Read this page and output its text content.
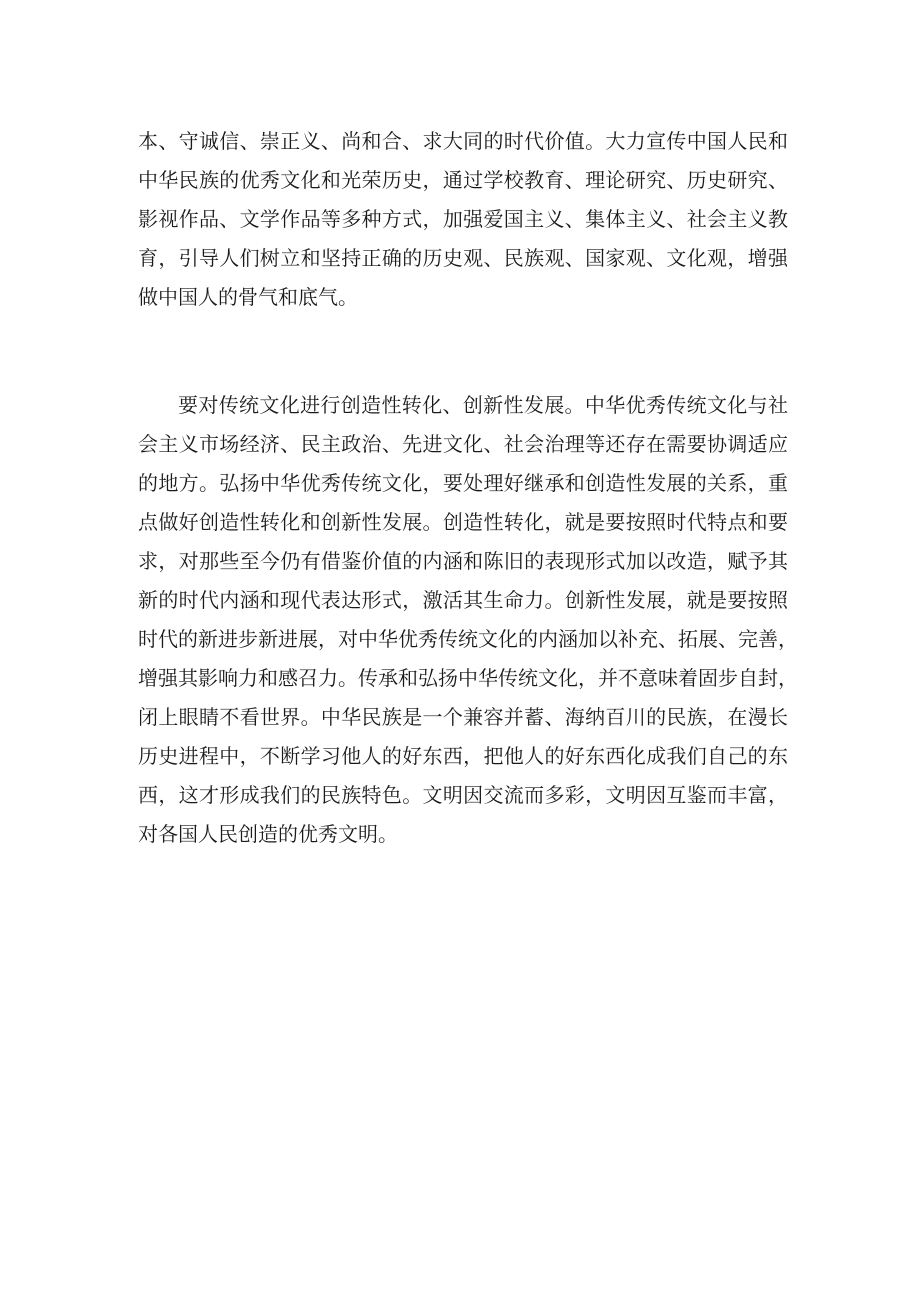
本、守诚信、崇正义、尚和合、求大同的时代价值。大力宣传中国人民和
中华民族的优秀文化和光荣历史，通过学校教育、理论研究、历史研究、
影视作品、文学作品等多种方式，加强爱国主义、集体主义、社会主义教
育，引导人们树立和坚持正确的历史观、民族观、国家观、文化观，增强
做中国人的骨气和底气。

要对传统文化进行创造性转化、创新性发展。中华优秀传统文化与社
会主义市场经济、民主政治、先进文化、社会治理等还存在需要协调适应
的地方。弘扬中华优秀传统文化，要处理好继承和创造性发展的关系，重
点做好创造性转化和创新性发展。创造性转化，就是要按照时代特点和要
求，对那些至今仍有借鉴价值的内涵和陈旧的表现形式加以改造，赋予其
新的时代内涵和现代表达形式，激活其生命力。创新性发展，就是要按照
时代的新进步新进展，对中华优秀传统文化的内涵加以补充、拓展、完善，
增强其影响力和感召力。传承和弘扬中华传统文化，并不意味着固步自封，
闭上眼睛不看世界。中华民族是一个兼容并蓄、海纳百川的民族，在漫长
历史进程中，不断学习他人的好东西，把他人的好东西化成我们自己的东
西，这才形成我们的民族特色。文明因交流而多彩，文明因互鉴而丰富，
对各国人民创造的优秀文明。
